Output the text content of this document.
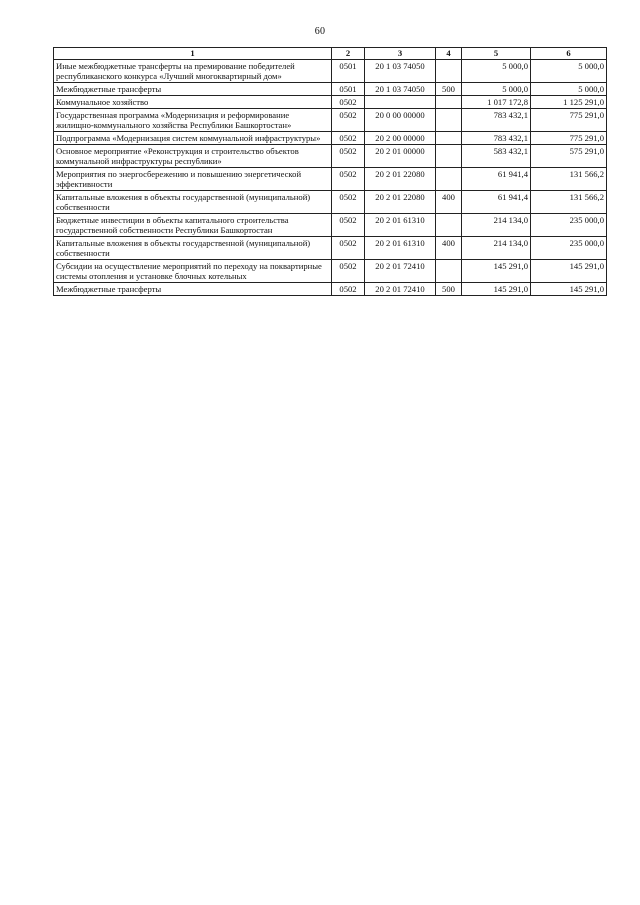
60
1	2	3	4	5	6
Иные межбюджетные трансферты на премирование победителей республиканского конкурса «Лучший многоквартирный дом»	0501	20 1 03 74050		5 000,0	5 000,0
Межбюджетные трансферты	0501	20 1 03 74050	500	5 000,0	5 000,0
Коммунальное хозяйство	0502			1 017 172,8	1 125 291,0
Государственная программа «Модернизация и реформирование жилищно-коммунального хозяйства Республики Башкортостан»	0502	20 0 00 00000		783 432,1	775 291,0
Подпрограмма «Модернизация систем коммунальной инфраструктуры»	0502	20 2 00 00000		783 432,1	775 291,0
Основное мероприятие «Реконструкция и строительство объектов коммунальной инфраструктуры республики»	0502	20 2 01 00000		583 432,1	575 291,0
Мероприятия по энергосбережению и повышению энергетической эффективности	0502	20 2 01 22080		61 941,4	131 566,2
Капитальные вложения в объекты государственной (муниципальной) собственности	0502	20 2 01 22080	400	61 941,4	131 566,2
Бюджетные инвестиции в объекты капитального строительства государственной собственности Республики Башкортостан	0502	20 2 01 61310		214 134,0	235 000,0
Капитальные вложения в объекты государственной (муниципальной) собственности	0502	20 2 01 61310	400	214 134,0	235 000,0
Субсидии на осуществление мероприятий по переходу на поквартирные системы отопления и установке блочных котельных	0502	20 2 01 72410		145 291,0	145 291,0
Межбюджетные трансферты	0502	20 2 01 72410	500	145 291,0	145 291,0
